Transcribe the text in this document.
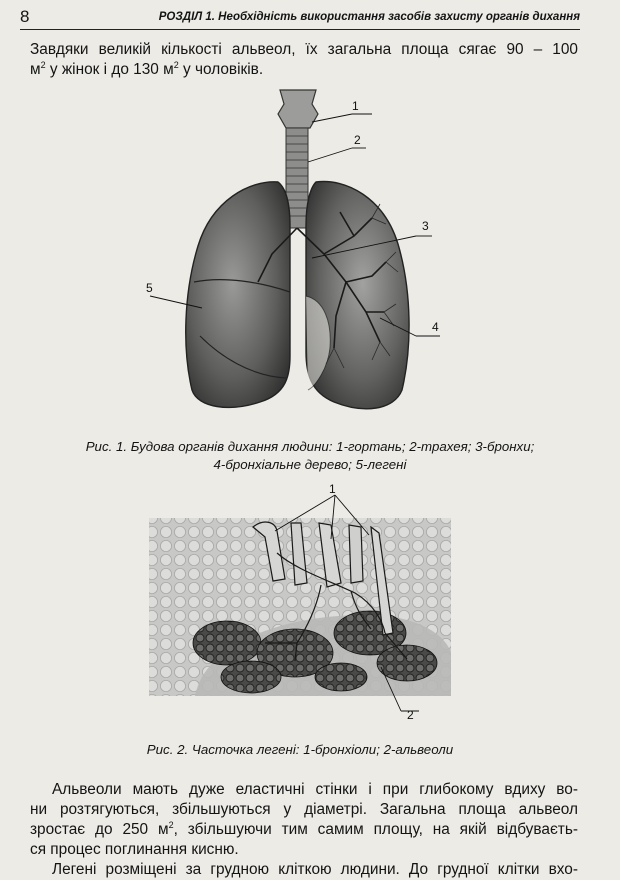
8	РОЗДІЛ 1. Необхідність використання засобів захисту органів дихання
Завдяки великій кількості альвеол, їх загальна площа сягає 90 – 100
$м^2$ у жінок і до 130 $м^2$ у чоловіків.
1
2
3
4
5
Рис. 1. Будова органів дихання людини: 1-гортань; 2-трахея; 3-бронхи;
4-бронхіальне дерево; 5-легені
1
2
Рис. 2. Часточка легені: 1-бронхіоли; 2-альвеоли
Альвеоли мають дуже еластичні стінки і при глибокому вдиху во-
ни розтягуються, збільшуються у діаметрі. Загальна площа альвеол
зростає до 250 $м^2$, збільшуючи тим самим площу, на якій відбуваєть-
ся процес поглинання кисню.
Легені розміщені за грудною кліткою людини. До грудної клітки вхо-
